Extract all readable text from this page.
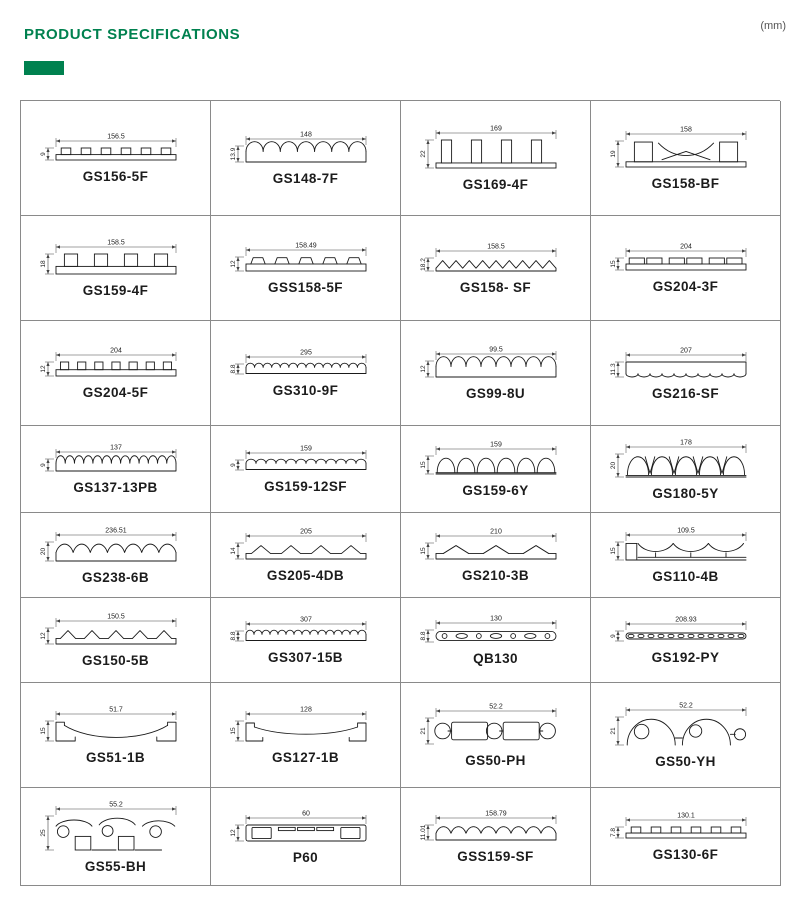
PRODUCT SPECIFICATIONS	(mm)
156.5
9
GS156-5F
148
13.9
GS148-7F
169
22
GS169-4F
158
19
GS158-BF
158.5
18
GS159-4F
158.49
12
GSS158-5F
158.5
18.2
GS158- SF
204
15
GS204-3F
204
12
GS204-5F
295
8.8
GS310-9F
99.5
12
GS99-8U
207
11.3
GS216-SF
137
9
GS137-13PB
159
9
GS159-12SF
159
15
GS159-6Y
178
20
GS180-5Y
236.51
20
GS238-6B
205
14
GS205-4DB
210
15
GS210-3B
109.5
15
GS110-4B
150.5
12
GS150-5B
307
8.8
GS307-15B
130
8.8
QB130
208.93
9
GS192-PY
51.7
15
GS51-1B
128
15
GS127-1B
52.2
21
GS50-PH
52.2
21
GS50-YH
55.2
25
GS55-BH
60
12
P60
158.79
11.01
GSS159-SF
130.1
7.8
GS130-6F
